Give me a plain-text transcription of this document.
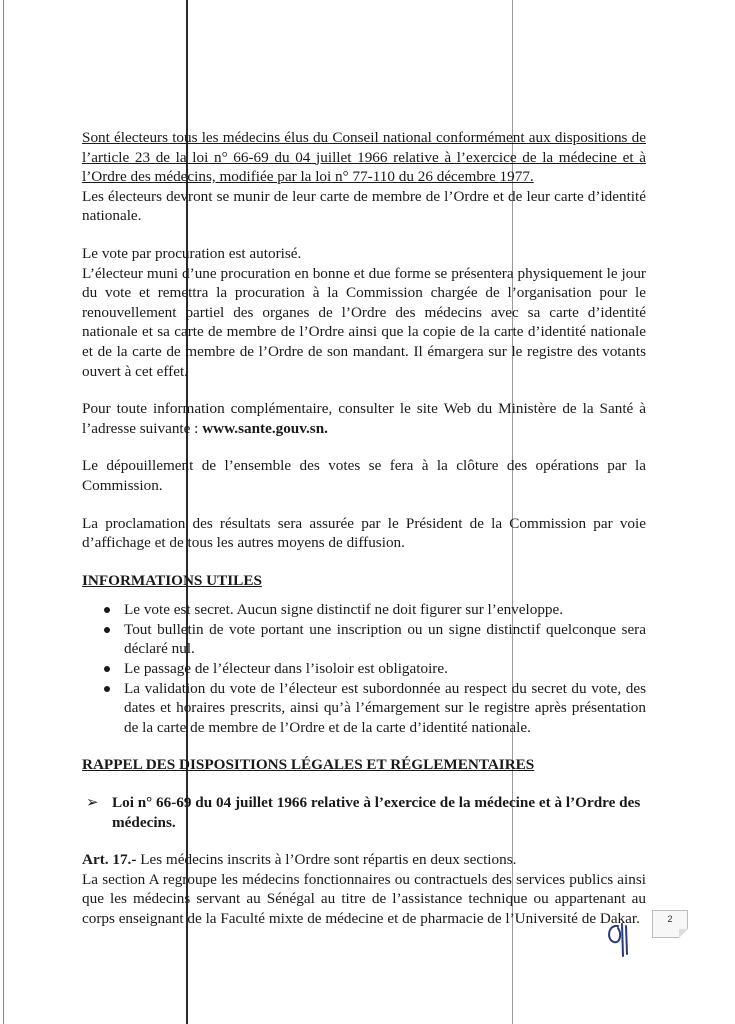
Sont électeurs tous les médecins élus du Conseil national conformément aux dispositions de l’article 23 de la loi n° 66-69 du 04 juillet 1966 relative à l’exercice de la médecine et à l’Ordre des médecins, modifiée par la loi n° 77-110 du 26 décembre 1977.

Les électeurs devront se munir de leur carte de membre de l’Ordre et de leur carte d’identité nationale.

Le vote par procuration est autorisé.

L’électeur muni d’une procuration en bonne et due forme se présentera physiquement le jour du vote et remettra la procuration à la Commission chargée de l’organisation pour le renouvellement partiel des organes de l’Ordre des médecins avec sa carte d’identité nationale et sa carte de membre de l’Ordre ainsi que la copie de la carte d’identité nationale et de la carte de membre de l’Ordre de son mandant. Il émargera sur le registre des votants ouvert à cet effet.

Pour toute information complémentaire, consulter le site Web du Ministère de la Santé à l’adresse suivante : www.sante.gouv.sn.

Le dépouillement de l’ensemble des votes se fera à la clôture des opérations par la Commission.

La proclamation des résultats sera assurée par le Président de la Commission par voie d’affichage et de tous les autres moyens de diffusion.

INFORMATIONS UTILES

Le vote est secret. Aucun signe distinctif ne doit figurer sur l’enveloppe.
Tout bulletin de vote portant une inscription ou un signe distinctif quelconque sera déclaré nul.
Le passage de l’électeur dans l’isoloir est obligatoire.
La validation du vote de l’électeur est subordonnée au respect du secret du vote, des dates et horaires prescrits, ainsi qu’à l’émargement sur le registre après présentation de la carte de membre de l’Ordre et de la carte d’identité nationale.

RAPPEL DES DISPOSITIONS LÉGALES ET RÉGLEMENTAIRES

➢ Loi n° 66-69 du 04 juillet 1966 relative à l’exercice de la médecine et à l’Ordre des médecins.

Art. 17.- Les médecins inscrits à l’Ordre sont répartis en deux sections.

La section A regroupe les médecins fonctionnaires ou contractuels des services publics ainsi que les médecins servant au Sénégal au titre de l’assistance technique ou appartenant au corps enseignant de la Faculté mixte de médecine et de pharmacie de l’Université de Dakar.	2
